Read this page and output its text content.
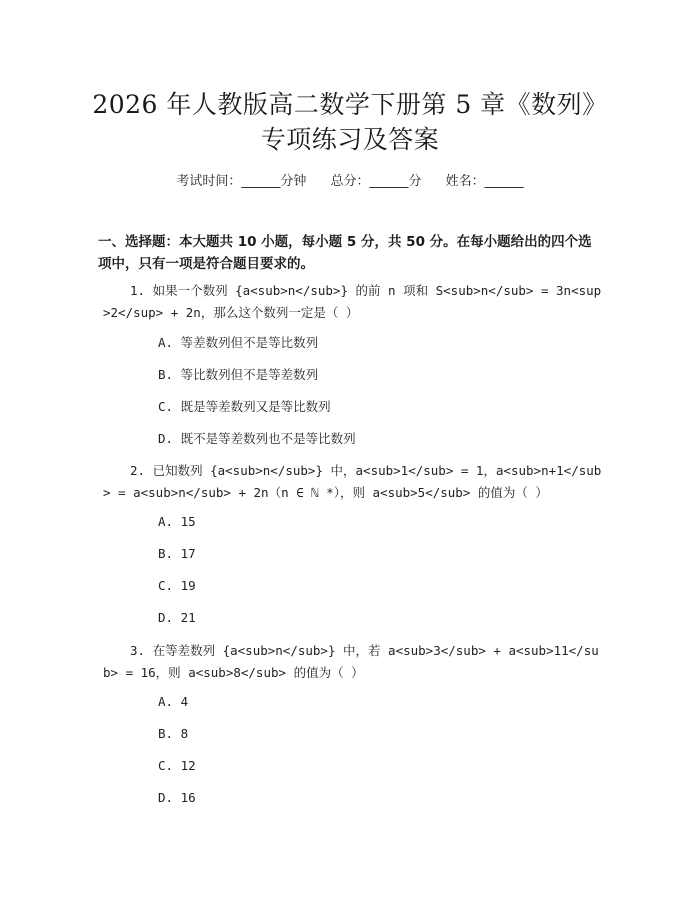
2026 年人教版高二数学下册第 5 章《数列》
专项练习及答案
考试时间：______分钟 总分：______分 姓名：______
一、选择题：本大题共 10 小题，每小题 5 分，共 50 分。在每小题给出的四个选项中，只有一项是符合题目要求的。
1. 如果一个数列 {a<sub>n</sub>} 的前 n 项和 S<sub>n</sub> = 3n<sup>2</sup> + 2n，那么这个数列一定是（ ）
A. 等差数列但不是等比数列
B. 等比数列但不是等差数列
C. 既是等差数列又是等比数列
D. 既不是等差数列也不是等比数列
2. 已知数列 {a<sub>n</sub>} 中，a<sub>1</sub> = 1，a<sub>n+1</sub> = a<sub>n</sub> + 2n（n ∈ ℕ *），则 a<sub>5</sub> 的值为（ ）
A. 15
B. 17
C. 19
D. 21
3. 在等差数列 {a<sub>n</sub>} 中，若 a<sub>3</sub> + a<sub>11</sub> = 16，则 a<sub>8</sub> 的值为（ ）
A. 4
B. 8
C. 12
D. 16
